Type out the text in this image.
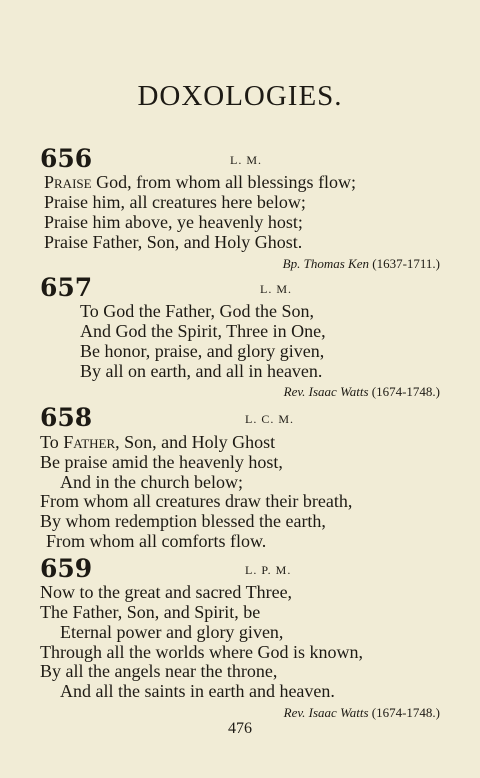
DOXOLOGIES.
656	L. M.
Praise God, from whom all blessings flow;
Praise him, all creatures here below;
Praise him above, ye heavenly host;
Praise Father, Son, and Holy Ghost.
Bp. Thomas Ken (1637-1711.)
657	L. M.
To God the Father, God the Son,
And God the Spirit, Three in One,
Be honor, praise, and glory given,
By all on earth, and all in heaven.
Rev. Isaac Watts (1674-1748.)
658	L. C. M.
To Father, Son, and Holy Ghost
Be praise amid the heavenly host,
And in the church below;
From whom all creatures draw their breath,
By whom redemption blessed the earth,
From whom all comforts flow.
659	L. P. M.
Now to the great and sacred Three,
The Father, Son, and Spirit, be
Eternal power and glory given,
Through all the worlds where God is known,
By all the angels near the throne,
And all the saints in earth and heaven.
Rev. Isaac Watts (1674-1748.)
476
